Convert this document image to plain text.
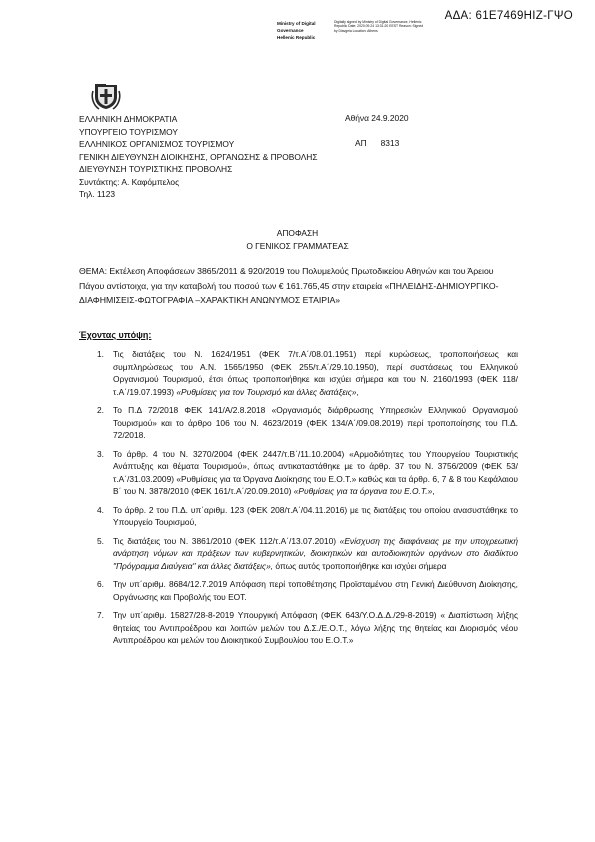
ΑΔΑ: 61Ε7469ΗΙΖ-ΓΨΟ
Ministry of Digital
Governance
Hellenic Republic
Digitally signed by Ministry of Digital Governance, Hellenic Republic Date: 2020.09.24 13:31:20 EEST Reason: Signed by Diavgeia Location: Athens
ΕΛΛΗΝΙΚΗ ΔΗΜΟΚΡΑΤΙΑ
ΥΠΟΥΡΓΕΙΟ ΤΟΥΡΙΣΜΟΥ
ΕΛΛΗΝΙΚΟΣ ΟΡΓΑΝΙΣΜΟΣ ΤΟΥΡΙΣΜΟΥ
ΓΕΝΙΚΗ ΔΙΕΥΘΥΝΣΗ ΔΙΟΙΚΗΣΗΣ, ΟΡΓΑΝΩΣΗΣ & ΠΡΟΒΟΛΗΣ
ΔΙΕΥΘΥΝΣΗ ΤΟΥΡΙΣΤΙΚΗΣ ΠΡΟΒΟΛΗΣ
Συντάκτης: Α. Καφόμπελος
Τηλ. 1123
Αθήνα 24.9.2020
ΑΠ 8313
ΑΠΟΦΑΣΗ
Ο ΓΕΝΙΚΟΣ ΓΡΑΜΜΑΤΕΑΣ
ΘΕΜΑ: Εκτέλεση Αποφάσεων 3865/2011 & 920/2019 του Πολυμελούς Πρωτοδικείου Αθηνών και του Άρειου Πάγου αντίστοιχα, για την καταβολή του ποσού των € 161.765,45 στην εταιρεία «ΠΗΛΕΙΔΗΣ-ΔΗΜΙΟΥΡΓΙΚΟ-ΔΙΑΦΗΜΙΣΕΙΣ-ΦΩΤΟΓΡΑΦΙΑ –ΧΑΡΑΚΤΙΚΗ ΑΝΩΝΥΜΟΣ ΕΤΑΙΡΙΑ»
Έχοντας υπόψη:
1. Τις διατάξεις του Ν. 1624/1951 (ΦΕΚ 7/τ.Α΄/08.01.1951) περί κυρώσεως, τροποποιήσεως και συμπληρώσεως του Α.Ν. 1565/1950 (ΦΕΚ 255/τ.Α΄/29.10.1950), περί συστάσεως του Ελληνικού Οργανισμού Τουρισμού, έτσι όπως τροποποιήθηκε και ισχύει σήμερα και του Ν. 2160/1993 (ΦΕΚ 118/τ.Α΄/19.07.1993) «Ρυθμίσεις για τον Τουρισμό και άλλες διατάξεις»,
2. Το Π.Δ 72/2018 ΦΕΚ 141/Α/2.8.2018 «Οργανισμός διάρθρωσης Υπηρεσιών Ελληνικού Οργανισμού Τουρισμού» και το άρθρο 106 του Ν. 4623/2019 (ΦΕΚ 134/Α΄/09.08.2019) περί τροποποίησης του Π.Δ. 72/2018.
3. Το άρθρ. 4 του Ν. 3270/2004 (ΦΕΚ 2447/τ.Β΄/11.10.2004) «Αρμοδιότητες του Υπουργείου Τουριστικής Ανάπτυξης και θέματα Τουρισμού», όπως αντικαταστάθηκε με το άρθρ. 37 του Ν. 3756/2009 (ΦΕΚ 53/τ.Α΄/31.03.2009) «Ρυθμίσεις για τα Όργανα Διοίκησης του Ε.Ο.Τ.» καθώς και τα άρθρ. 6, 7 & 8 του Κεφάλαιου Β΄ του Ν. 3878/2010 (ΦΕΚ 161/τ.Α΄/20.09.2010) «Ρυθμίσεις για τα όργανα του Ε.Ο.Τ.»,
4. Το άρθρ. 2 του Π.Δ. υπ΄αριθμ. 123 (ΦΕΚ 208/τ.Α΄/04.11.2016) με τις διατάξεις του οποίου ανασυστάθηκε το Υπουργείο Τουρισμού,
5. Τις διατάξεις του Ν. 3861/2010 (ΦΕΚ 112/τ.Α΄/13.07.2010) «Ενίσχυση της διαφάνειας με την υποχρεωτική ανάρτηση νόμων και πράξεων των κυβερνητικών, διοικητικών και αυτοδιοικητών οργάνων στο διαδίκτυο "Πρόγραμμα Διαύγεια" και άλλες διατάξεις», όπως αυτός τροποποιήθηκε και ισχύει σήμερα
6. Την υπ΄αριθμ. 8684/12.7.2019 Απόφαση περί τοποθέτησης Προϊσταμένου στη Γενική Διεύθυνση Διοίκησης, Οργάνωσης και Προβολής του ΕΟΤ.
7. Την υπ΄αριθμ. 15827/28-8-2019 Υπουργική Απόφαση (ΦΕΚ 643/Υ.Ο.Δ.Δ./29-8-2019) « Διαπίστωση λήξης θητείας του Αντιπροέδρου και λοιπών μελών του Δ.Σ./Ε.Ο.Τ., λόγω λήξης της θητείας και Διορισμός νέου Αντιπροέδρου και μελών του Διοικητικού Συμβουλίου του Ε.Ο.Τ.»
